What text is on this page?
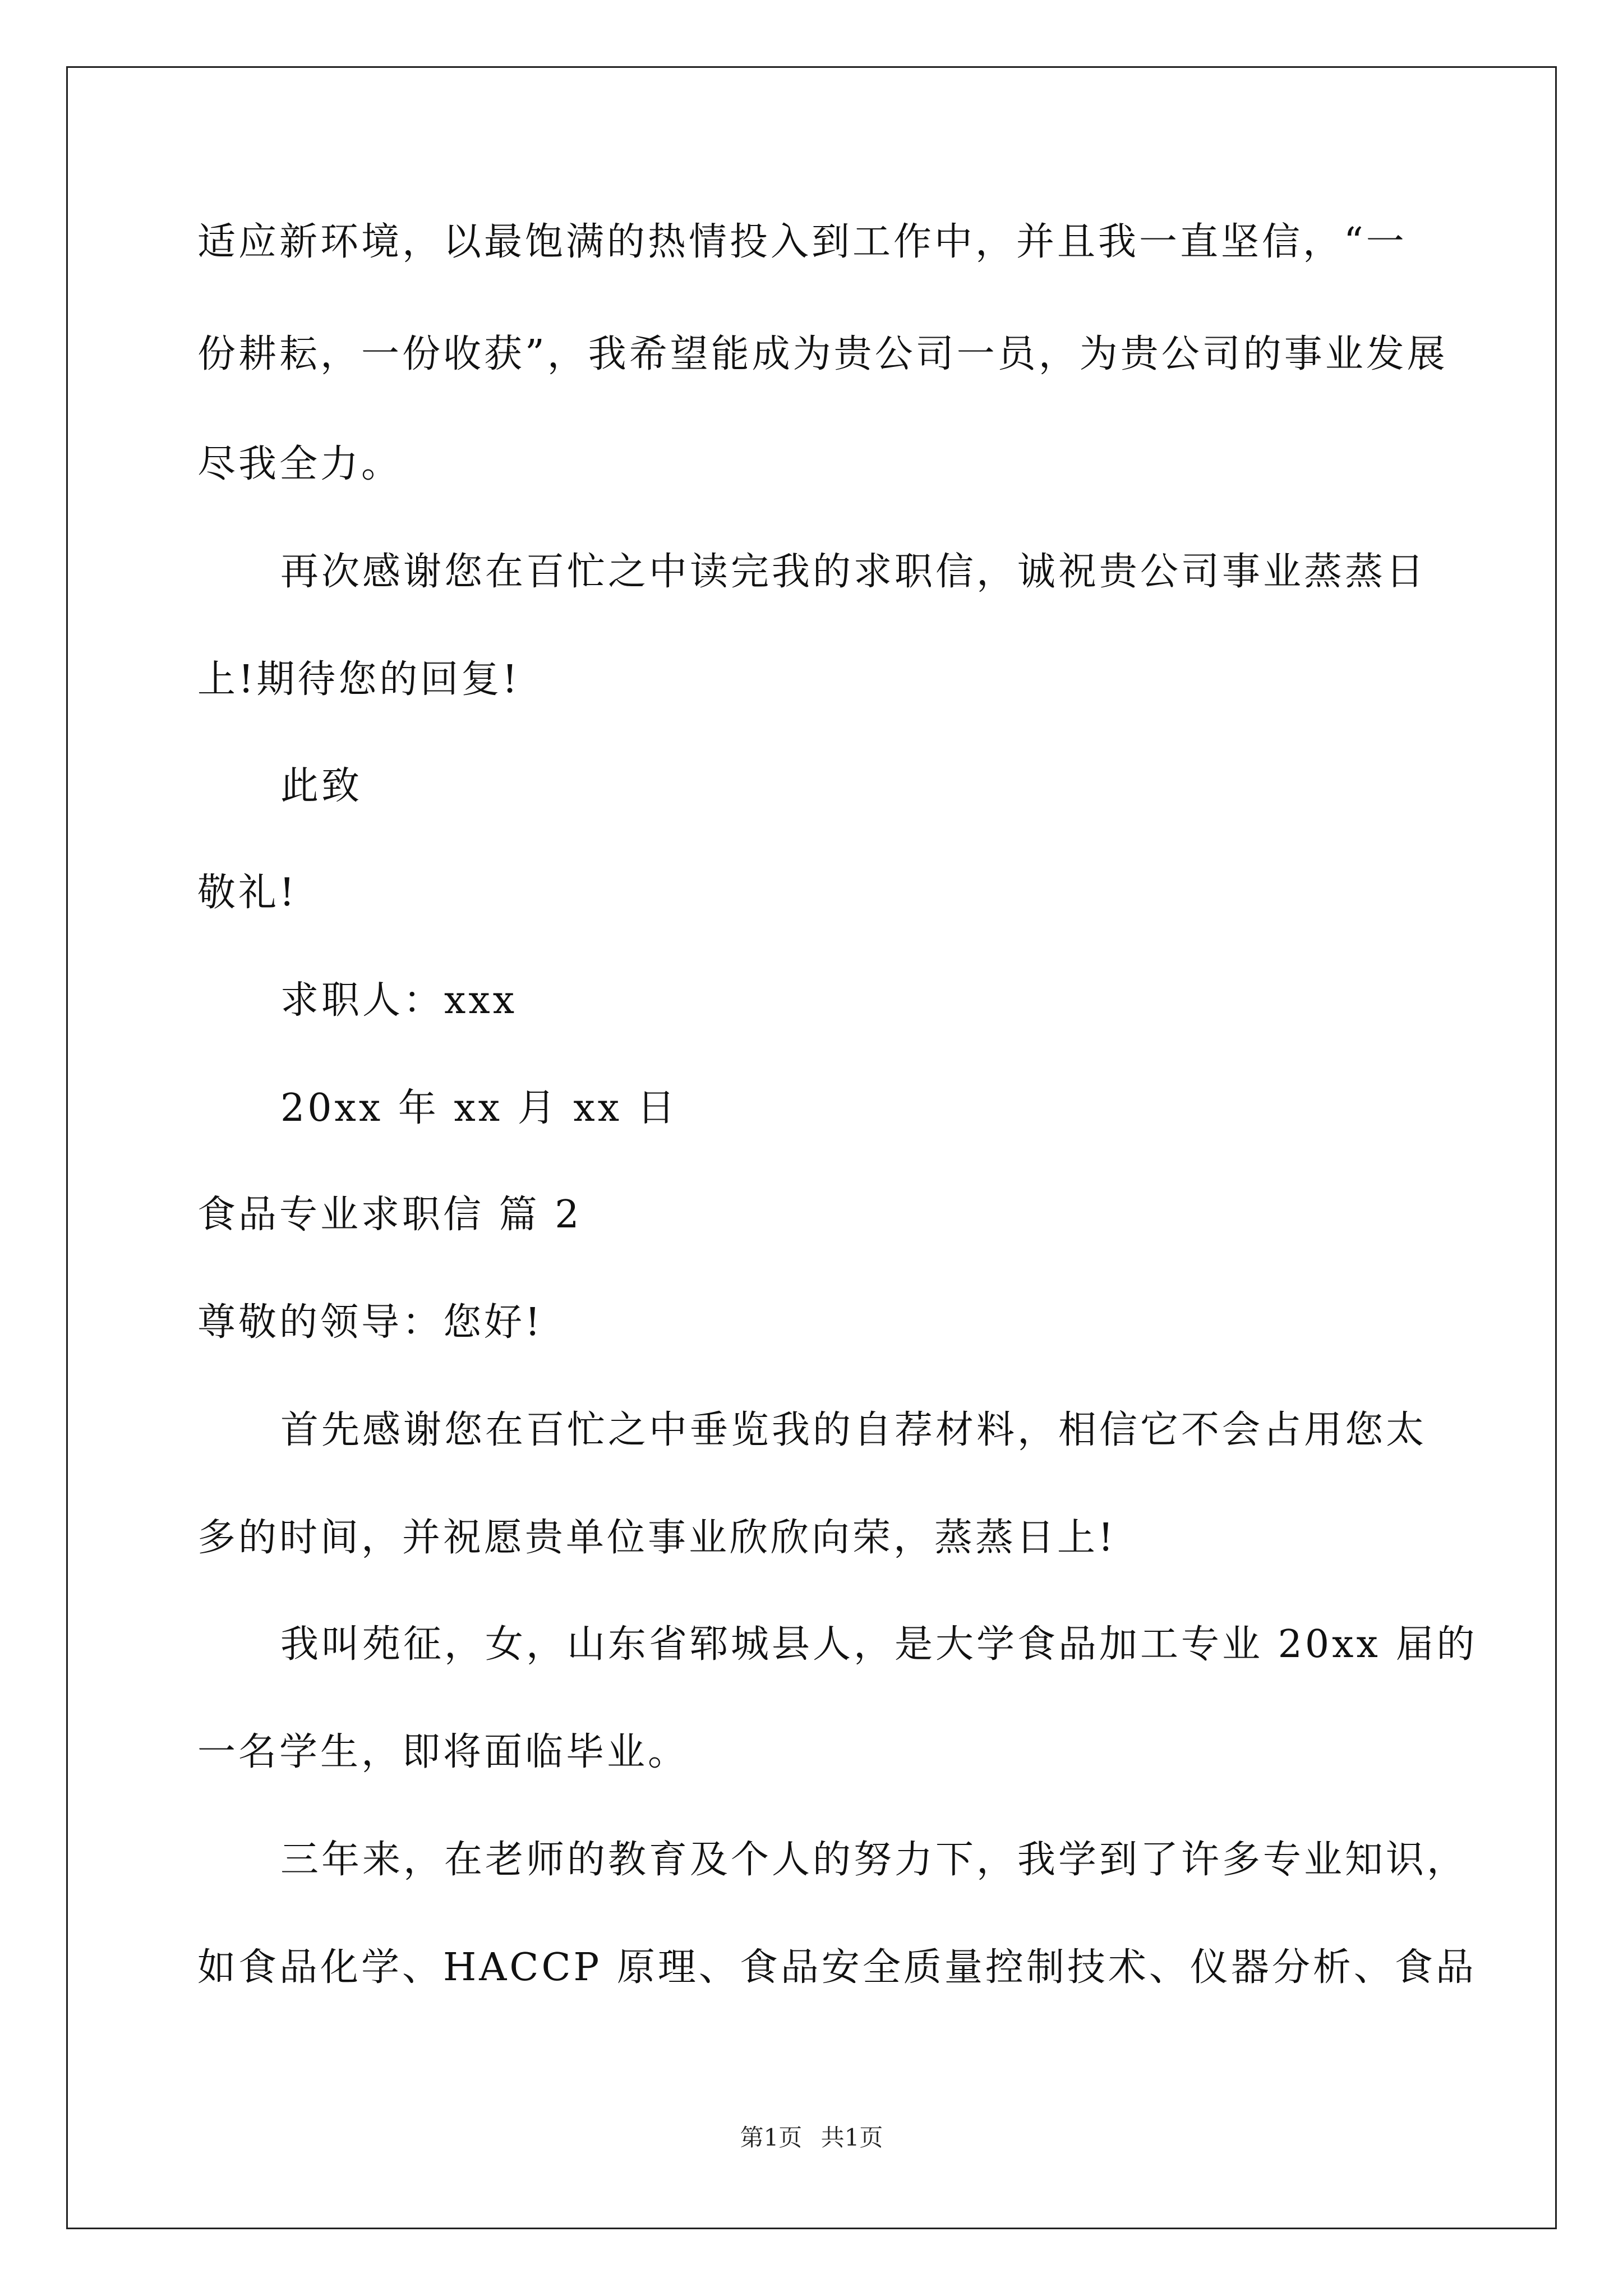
适应新环境，以最饱满的热情投入到工作中，并且我一直坚信，“一
份耕耘，一份收获”，我希望能成为贵公司一员，为贵公司的事业发展
尽我全力。
再次感谢您在百忙之中读完我的求职信，诚祝贵公司事业蒸蒸日
上!期待您的回复!
此致
敬礼!
求职人：xxx
20xx 年 xx 月 xx 日
食品专业求职信 篇 2
尊敬的领导：您好!
首先感谢您在百忙之中垂览我的自荐材料，相信它不会占用您太
多的时间，并祝愿贵单位事业欣欣向荣，蒸蒸日上!
我叫苑征，女，山东省郓城县人，是大学食品加工专业 20xx 届的
一名学生，即将面临毕业。
三年来，在老师的教育及个人的努力下，我学到了许多专业知识，
如食品化学、HACCP 原理、食品安全质量控制技术、仪器分析、食品
第1页 共1页
